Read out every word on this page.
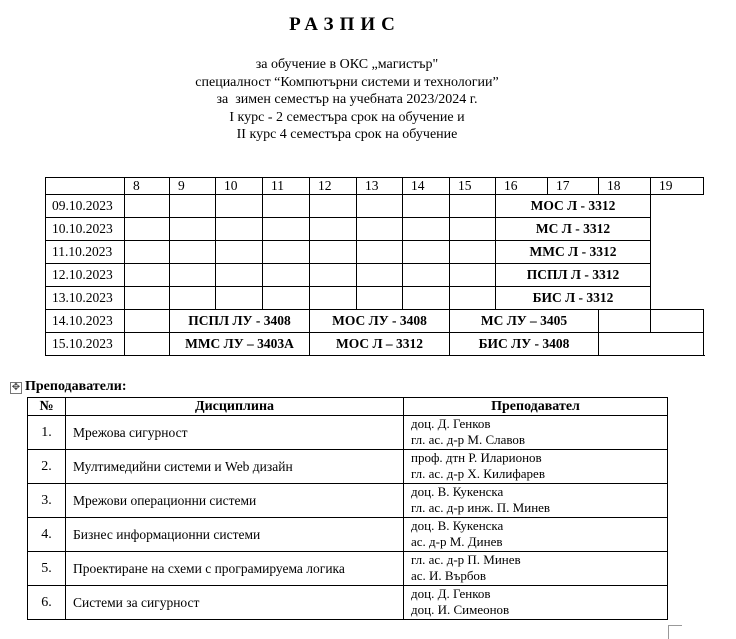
РАЗПИС
за обучение в ОКС „магистър"
специалност “Компютърни системи и технологии”
за  зимен семестър на учебната 2023/2024 г.
I курс - 2 семестъра срок на обучение и
II курс 4 семестъра срок на обучение
	8	9	10	11	12	13	14	15	16	17	18	19
09.10.2023									МОС Л - 3312			
10.10.2023									МС Л - 3312			
11.10.2023									ММС Л - 3312			
12.10.2023									ПСПЛ Л - 3312			
13.10.2023									БИС Л - 3312			
14.10.2023		ПСПЛ ЛУ - 3408			МОС ЛУ - 3408			МС ЛУ – 3405				
15.10.2023		ММС ЛУ – 3403А			МОС Л – 3312			БИС ЛУ - 3408				
✥ Преподаватели:
№	Дисциплина	Преподавател
1.	Мрежова сигурност	доц. Д. Генков
гл. ас. д-р М. Славов

2.	Мултимедийни системи и Web дизайн	проф. дтн Р. Иларионов
гл. ас. д-р Х. Килифарев

3.	Мрежови операционни системи	доц. В. Кукенска
гл. ас. д-р инж. П. Минев

4.	Бизнес информационни системи	доц. В. Кукенска
ас. д-р М. Динев

5.	Проектиране на схеми с програмируема логика	гл. ас. д-р П. Минев
ас. И. Върбов

6.	Системи за сигурност	доц. Д. Генков
доц. И. Симеонов
